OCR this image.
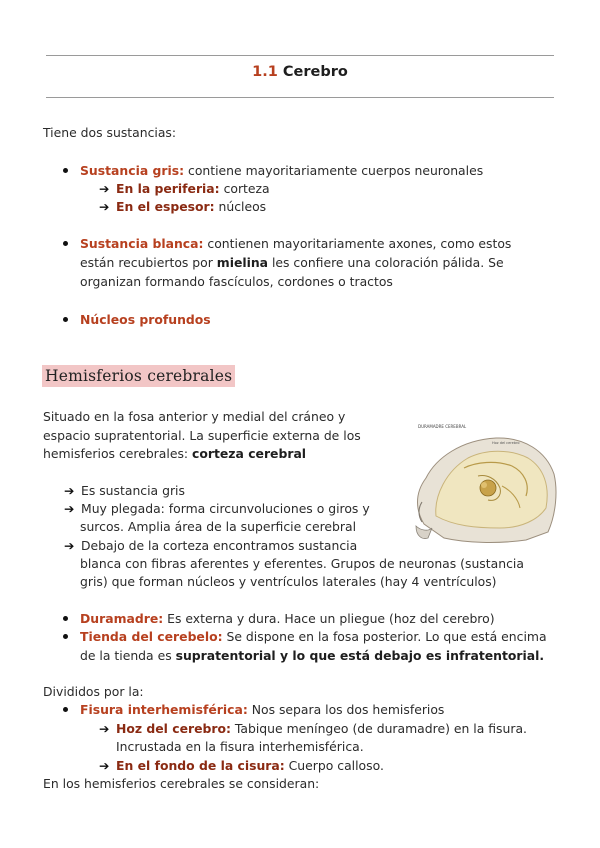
1.1 Cerebro
Tiene dos sustancias:
Sustancia gris: contiene mayoritariamente cuerpos neuronales
➔ En la periferia: corteza
➔ En el espesor: núcleos
Sustancia blanca: contienen mayoritariamente axones, como estos
están recubiertos por mielina les confiere una coloración pálida. Se
organizan formando fascículos, cordones o tractos
Núcleos profundos
Hemisferios cerebrales
Situado en la fosa anterior y medial del cráneo y
espacio supratentorial. La superficie externa de los
hemisferios cerebrales: corteza cerebral
DURAMADRE CEREBRAL
Hoz del cerebro
➔ Es sustancia gris
➔ Muy plegada: forma circunvoluciones o giros y
surcos. Amplia área de la superficie cerebral
➔ Debajo de la corteza encontramos sustancia
blanca con fibras aferentes y eferentes. Grupos de neuronas (sustancia
gris) que forman núcleos y ventrículos laterales (hay 4 ventrículos)
Duramadre: Es externa y dura. Hace un pliegue (hoz del cerebro)
Tienda del cerebelo: Se dispone en la fosa posterior. Lo que está encima
de la tienda es supratentorial y lo que está debajo es infratentorial.
Divididos por la:
Fisura interhemisférica: Nos separa los dos hemisferios
➔ Hoz del cerebro: Tabique meníngeo (de duramadre) en la fisura.
Incrustada en la fisura interhemisférica.
➔ En el fondo de la cisura: Cuerpo calloso.
En los hemisferios cerebrales se consideran:
